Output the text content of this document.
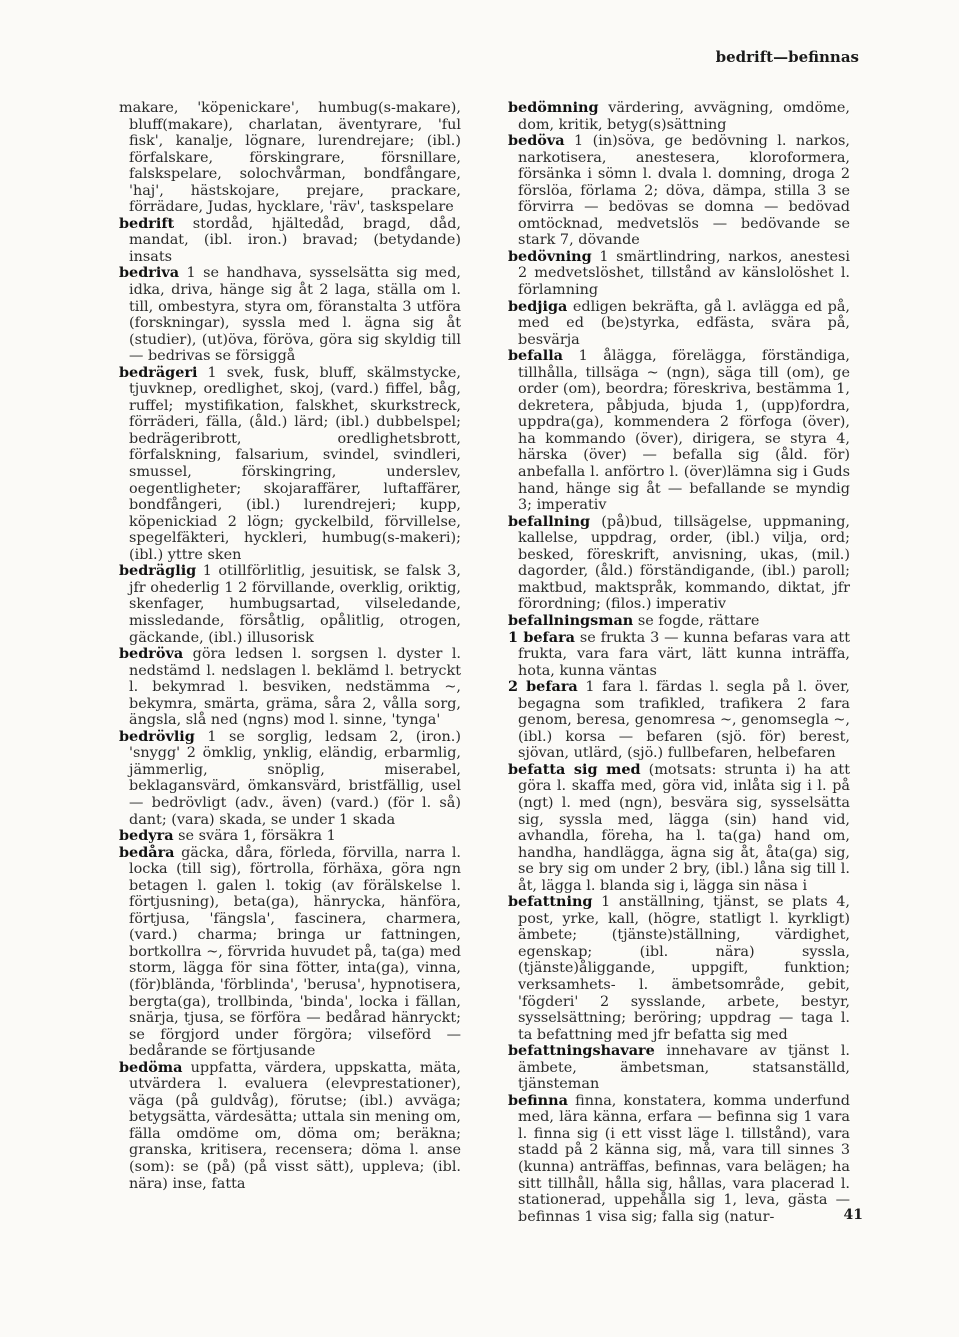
bedrift—befinnas

makare, 'köpenickare', humbug(s-makare), bluff(makare), charlatan, äventyrare, 'ful fisk', kanalje, lögnare, lurendrejare; (ibl.) förfalskare, förskingrare, försnillare, falskspelare, solochvårman, bondfångare, 'haj', hästskojare, prejare, prackare, förrädare, Judas, hycklare, 'räv', taskspelare

bedrift stordåd, hjältedåd, bragd, dåd, mandat, (ibl. iron.) bravad; (betydande) insats

bedriva 1 se handhava, sysselsätta sig med, idka, driva, hänge sig åt 2 laga, ställa om l. till, ombestyra, styra om, föranstalta 3 utföra (forskningar), syssla med l. ägna sig åt (studier), (ut)öva, föröva, göra sig skyldig till — bedrivas se försiggå

bedrägeri 1 svek, fusk, bluff, skälmstycke, tjuvknep, oredlighet, skoj, (vard.) fiffel, båg, ruffel; mystifikation, falskhet, skurkstreck, förräderi, fälla, (åld.) lärd; (ibl.) dubbelspel; bedrägeribrott, oredlighetsbrott, förfalskning, falsarium, svindel, svindleri, smussel, förskingring, underslev, oegentligheter; skojaraffärer, luftaffärer, bondfångeri, (ibl.) lurendrejeri; kupp, köpenickiad 2 lögn; gyckelbild, förvillelse, spegelfäkteri, hyckleri, humbug(s-makeri); (ibl.) yttre sken

bedräglig 1 otillförlitlig, jesuitisk, se falsk 3, jfr ohederlig 1 2 förvillande, overklig, oriktig, skenfager, humbugsartad, vilseledande, missledande, försåtlig, opålitlig, otrogen, gäckande, (ibl.) illusorisk

bedröva göra ledsen l. sorgsen l. dyster l. nedstämd l. nedslagen l. beklämd l. betryckt l. bekymrad l. besviken, nedstämma ~, bekymra, smärta, gräma, såra 2, vålla sorg, ängsla, slå ned (ngns) mod l. sinne, 'tynga'

bedrövlig 1 se sorglig, ledsam 2, (iron.) 'snygg' 2 ömklig, ynklig, eländig, erbarmlig, jämmerlig, snöplig, miserabel, beklagansvärd, ömkansvärd, bristfällig, usel — bedrövligt (adv., även) (vard.) (för l. så) dant; (vara) skada, se under 1 skada

bedyra se svära 1, försäkra 1

bedåra gäcka, dåra, förleda, förvilla, narra l. locka (till sig), förtrolla, förhäxa, göra ngn betagen l. galen l. tokig (av förälskelse l. förtjusning), beta(ga), hänrycka, hänföra, förtjusa, 'fängsla', fascinera, charmera, (vard.) charma; bringa ur fattningen, bortkollra ~, förvrida huvudet på, ta(ga) med storm, lägga för sina fötter, inta(ga), vinna, (för)blända, 'förblinda', 'berusa', hypnotisera, bergta(ga), trollbinda, 'binda', locka i fällan, snärja, tjusa, se förföra — bedårad hänryckt; se förgjord under förgöra; vilseförd — bedårande se förtjusande

bedöma uppfatta, värdera, uppskatta, mäta, utvärdera l. evaluera (elevprestationer), väga (på guldvåg), förutse; (ibl.) avväga; betygsätta, värdesätta; uttala sin mening om, fälla omdöme om, döma om; beräkna; granska, kritisera, recensera; döma l. anse (som): se (på) (på visst sätt), uppleva; (ibl. nära) inse, fatta

bedömning värdering, avvägning, omdöme, dom, kritik, betyg(s)sättning

bedöva 1 (in)söva, ge bedövning l. narkos, narkotisera, anestesera, kloroformera, försänka i sömn l. dvala l. domning, droga 2 förslöa, förlama 2; döva, dämpa, stilla 3 se förvirra — bedövas se domna — bedövad omtöcknad, medvetslös — bedövande se stark 7, dövande

bedövning 1 smärtlindring, narkos, anestesi 2 medvetslöshet, tillstånd av känslolöshet l. förlamning

bedjiga edligen bekräfta, gå l. avlägga ed på, med ed (be)styrka, edfästa, svära på, besvärja

befalla 1 ålägga, förelägga, förständiga, tillhålla, tillsäga ~ (ngn), säga till (om), ge order (om), beordra; föreskriva, bestämma 1, dekretera, påbjuda, bjuda 1, (upp)fordra, uppdra(ga), kommendera 2 förfoga (över), ha kommando (över), dirigera, se styra 4, härska (över) — befalla sig (åld. för) anbefalla l. anförtro l. (över)lämna sig i Guds hand, hänge sig åt — befallande se myndig 3; imperativ

befallning (på)bud, tillsägelse, uppmaning, kallelse, uppdrag, order, (ibl.) vilja, ord; besked, föreskrift, anvisning, ukas, (mil.) dagorder, (åld.) förständigande, (ibl.) paroll; maktbud, maktspråk, kommando, diktat, jfr förordning; (filos.) imperativ

befallningsman se fogde, rättare

1 befara se frukta 3 — kunna befaras vara att frukta, vara fara värt, lätt kunna inträffa, hota, kunna väntas

2 befara 1 fara l. färdas l. segla på l. över, begagna som trafikled, trafikera 2 fara genom, beresa, genomresa ~, genomsegla ~, (ibl.) korsa — befaren (sjö. för) berest, sjövan, utlärd, (sjö.) fullbefaren, helbefaren

befatta sig med (motsats: strunta i) ha att göra l. skaffa med, göra vid, inlåta sig i l. på (ngt) l. med (ngn), besvära sig, sysselsätta sig, syssla med, lägga (sin) hand vid, avhandla, föreha, ha l. ta(ga) hand om, handha, handlägga, ägna sig åt, åta(ga) sig, se bry sig om under 2 bry, (ibl.) låna sig till l. åt, lägga l. blanda sig i, lägga sin näsa i

befattning 1 anställning, tjänst, se plats 4, post, yrke, kall, (högre, statligt l. kyrkligt) ämbete; (tjänste)ställning, värdighet, egenskap; (ibl. nära) syssla, (tjänste)åliggande, uppgift, funktion; verksamhets- l. ämbetsområde, gebit, 'fögderi' 2 sysslande, arbete, bestyr, sysselsättning; beröring; uppdrag — taga l. ta befattning med jfr befatta sig med

befattningshavare innehavare av tjänst l. ämbete, ämbetsman, statsanställd, tjänsteman

befinna finna, konstatera, komma underfund med, lära känna, erfara — befinna sig 1 vara l. finna sig (i ett visst läge l. tillstånd), vara stadd på 2 känna sig, må, vara till sinnes 3 (kunna) anträffas, befinnas, vara belägen; ha sitt tillhåll, hålla sig, hållas, vara placerad l. stationerad, uppehålla sig 1, leva, gästa — befinnas 1 visa sig; falla sig (natur-	41
